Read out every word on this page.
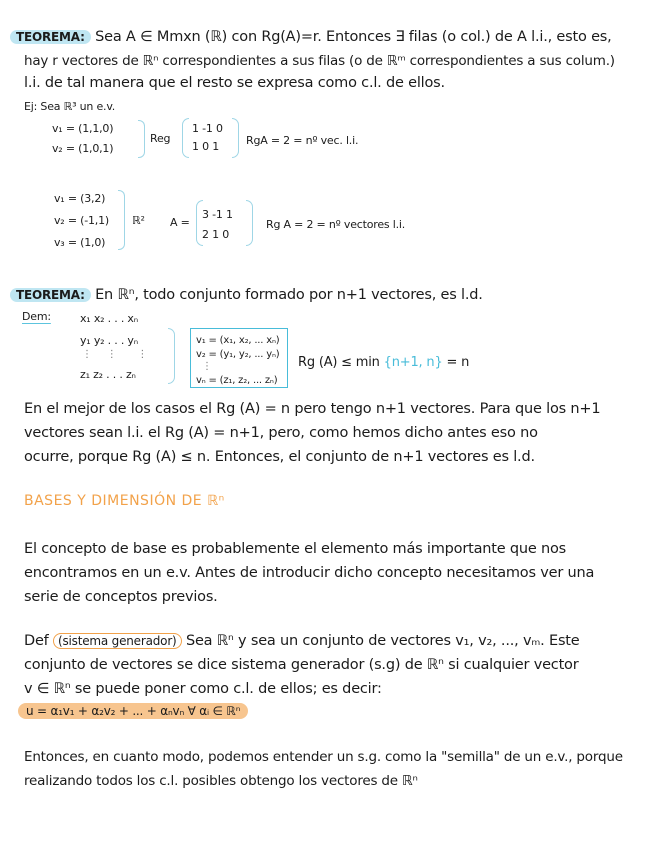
TEOREMA: Sea A ∈ Mmxn (ℝ) con Rg(A)=r. Entonces ∃ filas (o col.) de A l.i., esto es,
hay r vectores de ℝⁿ correspondientes a sus filas (o de ℝᵐ correspondientes a sus colum.)
l.i. de tal manera que el resto se expresa como c.l. de ellos.
Ej: Sea ℝ³ un e.v.
v₁ = (1,1,0)
v₂ = (1,0,1)
Reg
1 -1 0
1 0 1 RgA = 2 = nº vec. l.i.
v₁ = (3,2)
v₂ = (-1,1)
v₃ = (1,0)
ℝ² A =
3 -1 1
2 1 0
Rg A = 2 = nº vectores l.i.
TEOREMA: En ℝⁿ, todo conjunto formado por n+1 vectores, es l.d.
Dem:	x₁ x₂ . . . xₙ
y₁ y₂ . . . yₙ
⋮     ⋮       ⋮
z₁ z₂ . . . zₙ
v₁ = (x₁, x₂, ... xₙ)
v₂ = (y₁, y₂, ... yₙ)
⋮
vₙ = (z₁, z₂, ... zₙ)
Rg (A) ≤ min {n+1, n} = n
En el mejor de los casos el Rg (A) = n pero tengo n+1 vectores. Para que los n+1
vectores sean l.i. el Rg (A) = n+1, pero, como hemos dicho antes eso no
ocurre, porque Rg (A) ≤ n. Entonces, el conjunto de n+1 vectores es l.d.
BASES Y DIMENSIÓN DE ℝⁿ
El concepto de base es probablemente el elemento más importante que nos
encontramos en un e.v. Antes de introducir dicho concepto necesitamos ver una
serie de conceptos previos.
Def (sistema generador) Sea ℝⁿ y sea un conjunto de vectores v₁, v₂, ..., vₘ. Este
conjunto de vectores se dice sistema generador (s.g) de ℝⁿ si cualquier vector
v ∈ ℝⁿ se puede poner como c.l. de ellos; es decir:
u = α₁v₁ + α₂v₂ + ... + αₙvₙ ∀ αᵢ ∈ ℝⁿ
Entonces, en cuanto modo, podemos entender un s.g. como la "semilla" de un e.v., porque
realizando todos los c.l. posibles obtengo los vectores de ℝⁿ
